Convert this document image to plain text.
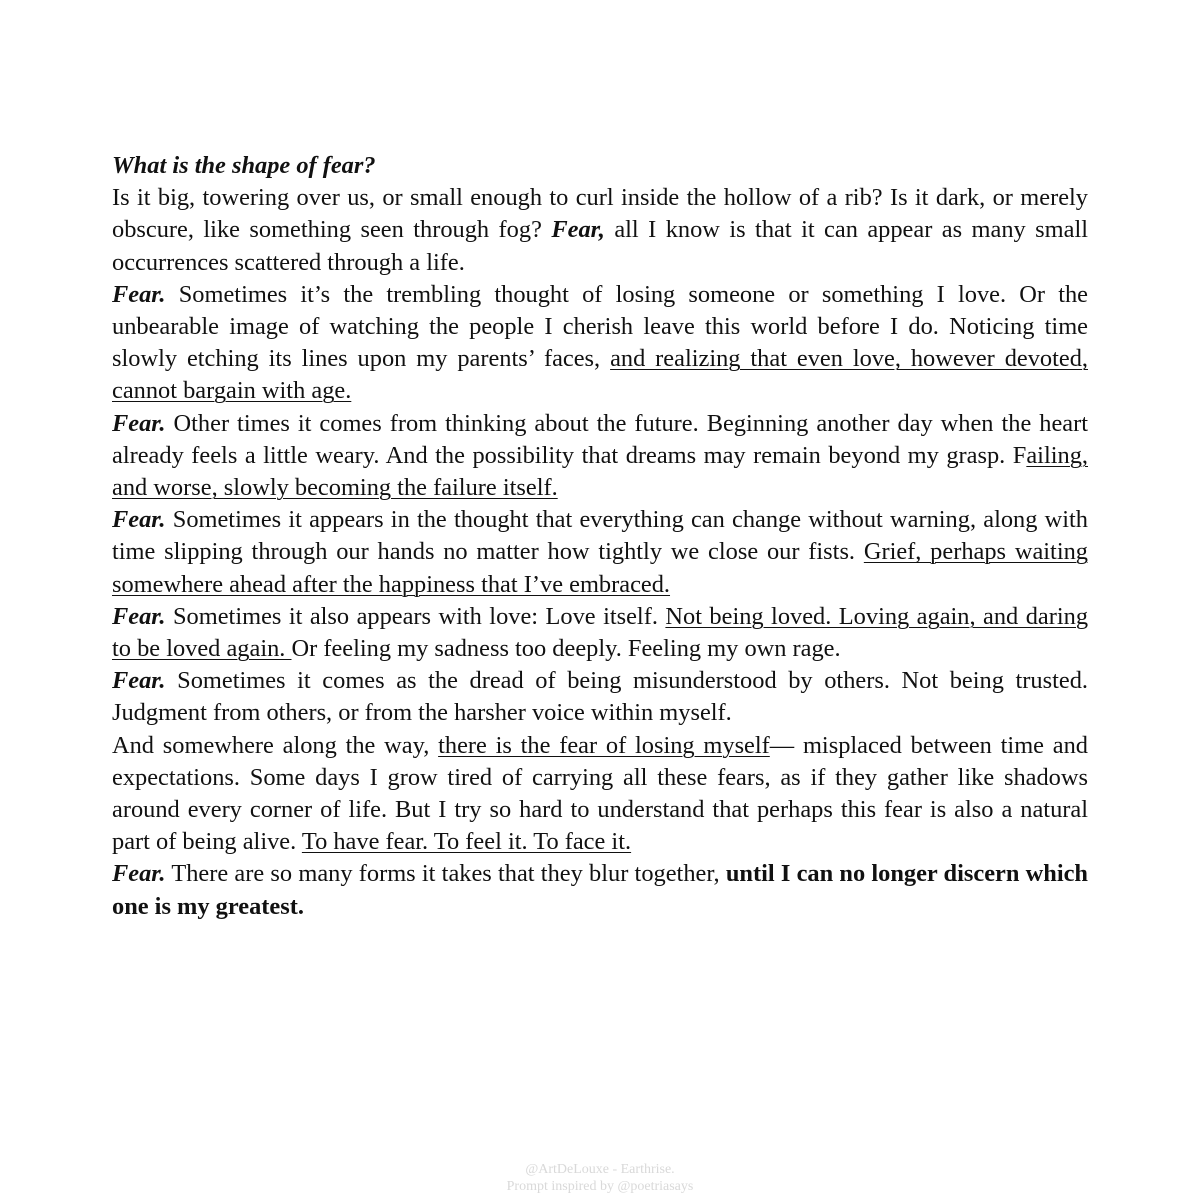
What is the shape of fear?

Is it big, towering over us, or small enough to curl inside the hollow of a rib? Is it dark, or merely obscure, like something seen through fog? Fear, all I know is that it can appear as many small occurrences scattered through a life.

Fear. Sometimes it’s the trembling thought of losing someone or something I love. Or the unbearable image of watching the people I cherish leave this world before I do. Noticing time slowly etching its lines upon my parents’ faces, and realizing that even love, however devoted, cannot bargain with age.

Fear. Other times it comes from thinking about the future. Beginning another day when the heart already feels a little weary. And the possibility that dreams may remain beyond my grasp. Failing, and worse, slowly becoming the failure itself.

Fear. Sometimes it appears in the thought that everything can change without warning, along with time slipping through our hands no matter how tightly we close our fists. Grief, perhaps waiting somewhere ahead after the happiness that I’ve embraced.

Fear. Sometimes it also appears with love: Love itself. Not being loved. Loving again, and daring to be loved again. Or feeling my sadness too deeply. Feeling my own rage.

Fear. Sometimes it comes as the dread of being misunderstood by others. Not being trusted. Judgment from others, or from the harsher voice within myself.

And somewhere along the way, there is the fear of losing myself— misplaced between time and expectations. Some days I grow tired of carrying all these fears, as if they gather like shadows around every corner of life. But I try so hard to understand that perhaps this fear is also a natural part of being alive. To have fear. To feel it. To face it.

Fear. There are so many forms it takes that they blur together, until I can no longer discern which one is my greatest.

@ArtDeLouxe - Earthrise.
Prompt inspired by @poetriasays
